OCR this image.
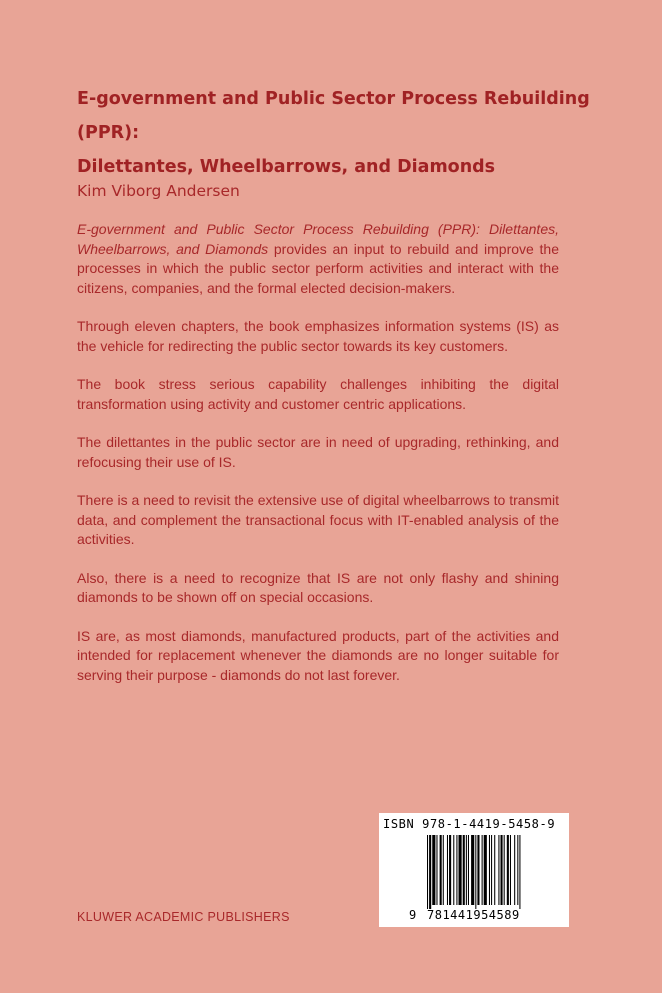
E-government and Public Sector Process Rebuilding (PPR):
Dilettantes, Wheelbarrows, and Diamonds

Kim Viborg Andersen

E-government and Public Sector Process Rebuilding (PPR): Dilettantes, Wheelbarrows, and Diamonds provides an input to rebuild and improve the processes in which the public sector perform activities and interact with the citizens, companies, and the formal elected decision-makers.

Through eleven chapters, the book emphasizes information systems (IS) as the vehicle for redirecting the public sector towards its key customers.

The book stress serious capability challenges inhibiting the digital transformation using activity and customer centric applications.

The dilettantes in the public sector are in need of upgrading, rethinking, and refocusing their use of IS.

There is a need to revisit the extensive use of digital wheelbarrows to transmit data, and complement the transactional focus with IT-enabled analysis of the activities.

Also, there is a need to recognize that IS are not only flashy and shining diamonds to be shown off on special occasions.

IS are, as most diamonds, manufactured products, part of the activities and intended for replacement whenever the diamonds are no longer suitable for serving their purpose - diamonds do not last forever.

KLUWER ACADEMIC PUBLISHERS
ISBN 978-1-4419-5458-9
9 781441954589
